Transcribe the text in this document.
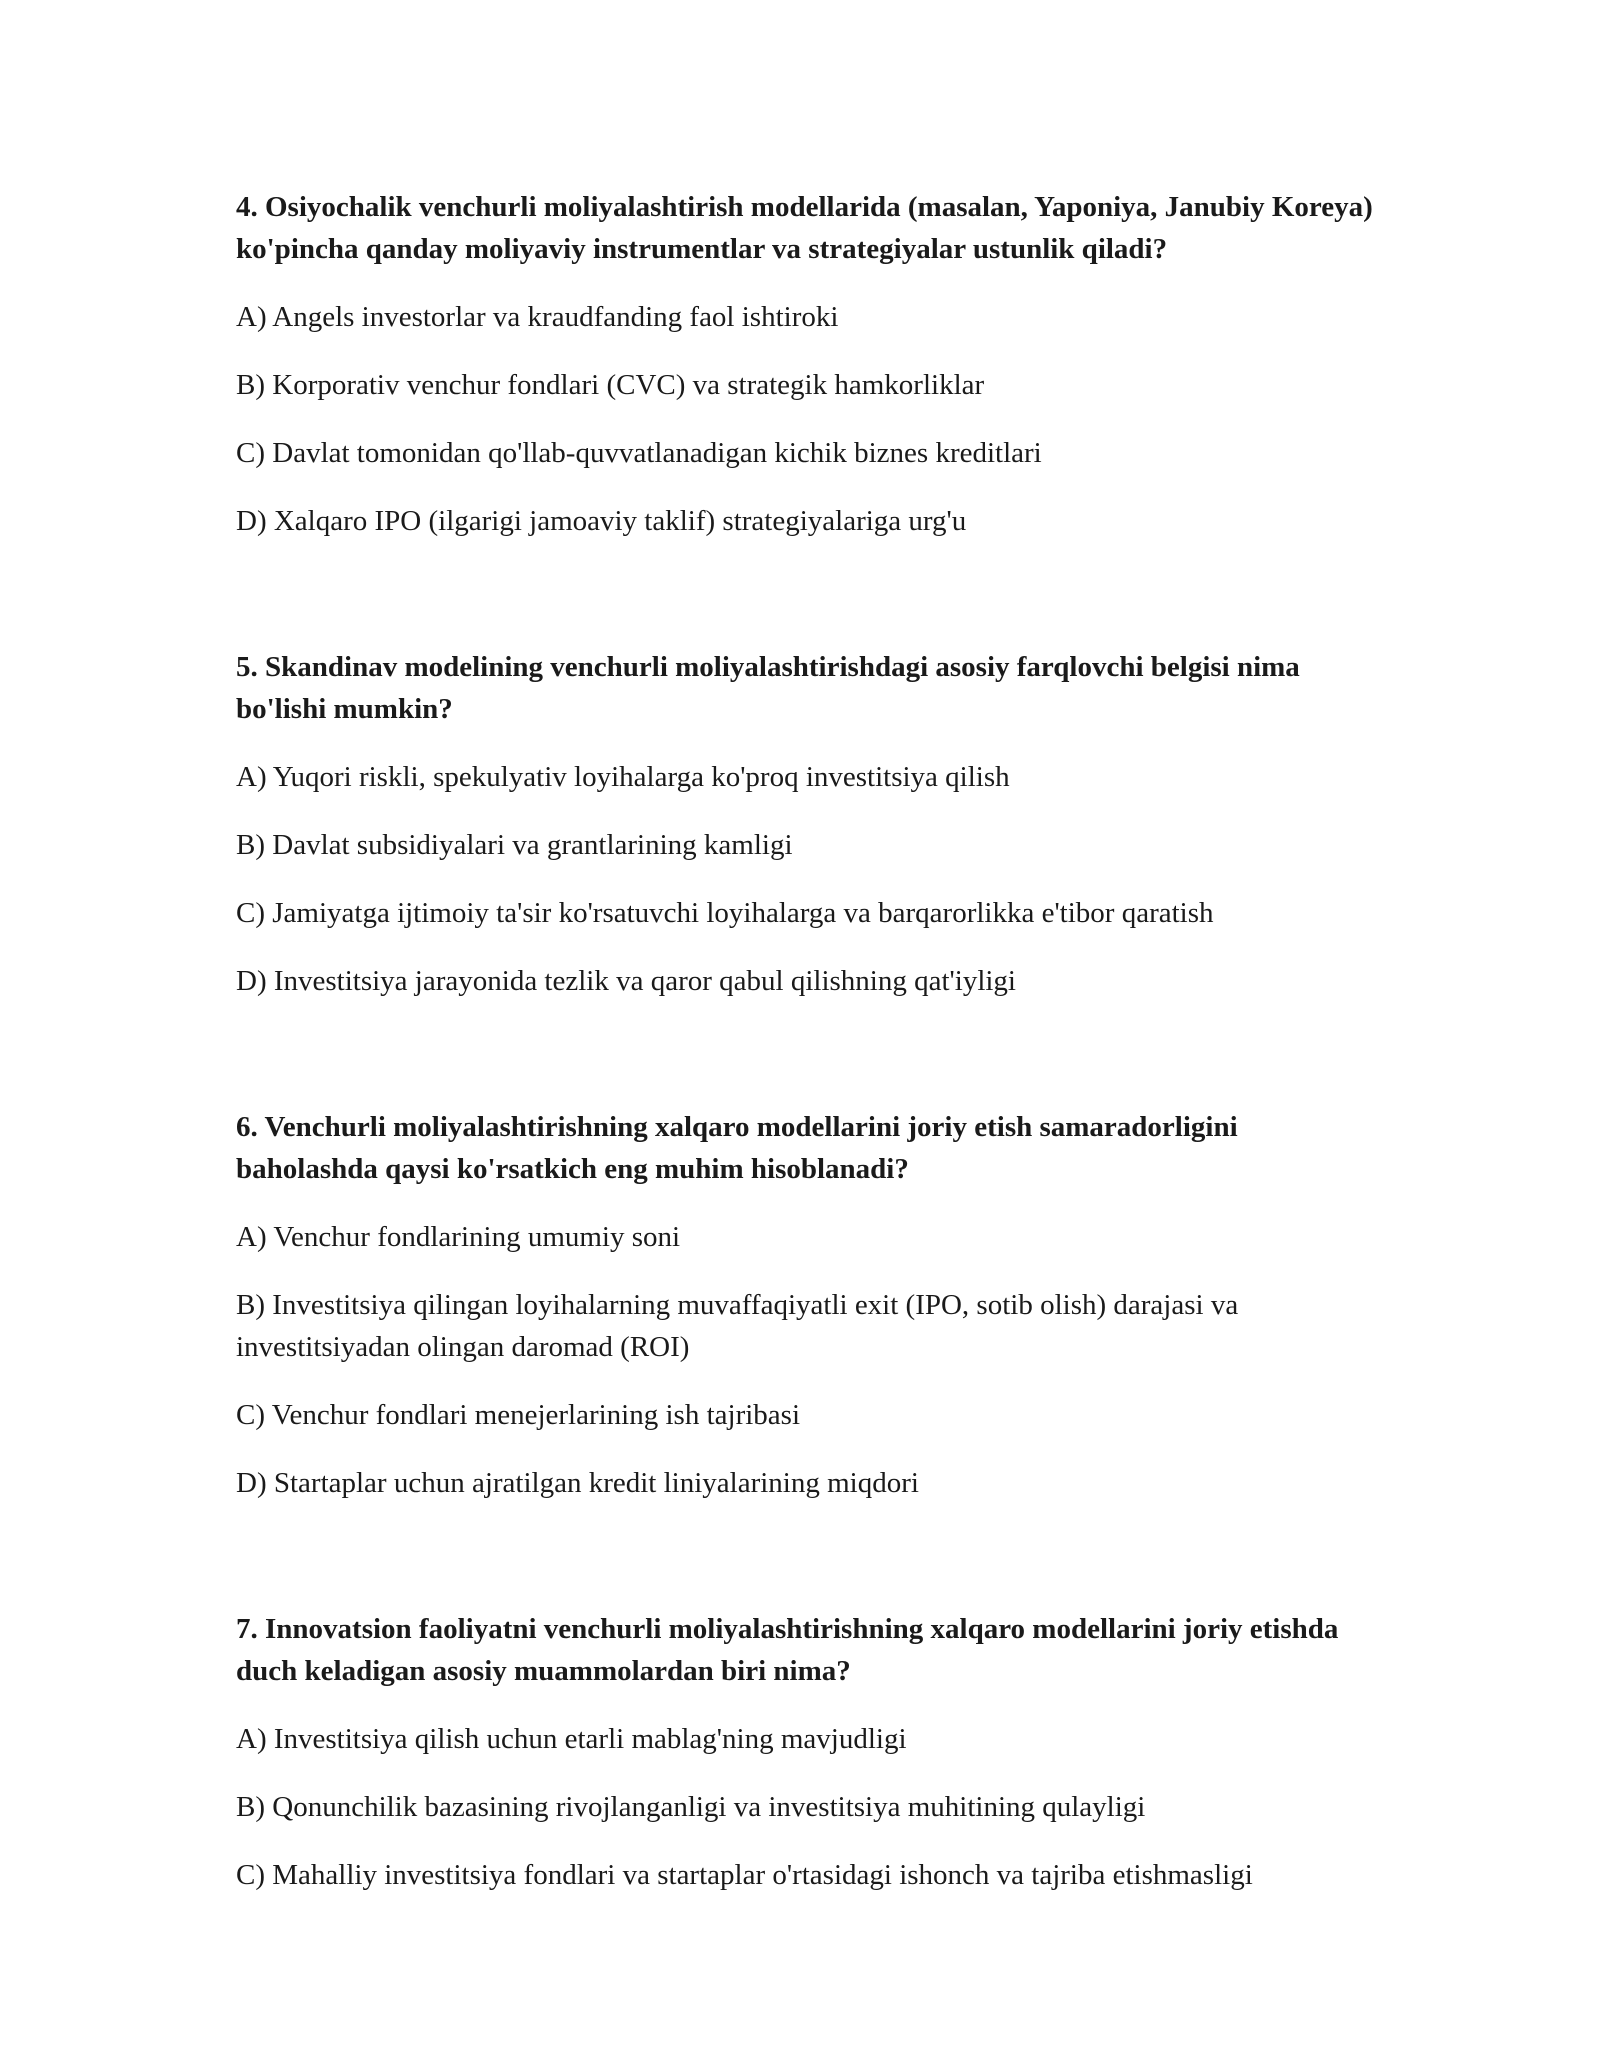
4. Osiyochalik venchurli moliyalashtirish modellarida (masalan, Yaponiya, Janubiy Koreya) ko'pincha qanday moliyaviy instrumentlar va strategiyalar ustunlik qiladi?

A) Angels investorlar va kraudfanding faol ishtiroki

B) Korporativ venchur fondlari (CVC) va strategik hamkorliklar

C) Davlat tomonidan qo'llab-quvvatlanadigan kichik biznes kreditlari

D) Xalqaro IPO (ilgarigi jamoaviy taklif) strategiyalariga urg'u

5. Skandinav modelining venchurli moliyalashtirishdagi asosiy farqlovchi belgisi nima bo'lishi mumkin?

A) Yuqori riskli, spekulyativ loyihalarga ko'proq investitsiya qilish

B) Davlat subsidiyalari va grantlarining kamligi

C) Jamiyatga ijtimoiy ta'sir ko'rsatuvchi loyihalarga va barqarorlikka e'tibor qaratish

D) Investitsiya jarayonida tezlik va qaror qabul qilishning qat'iyligi

6. Venchurli moliyalashtirishning xalqaro modellarini joriy etish samaradorligini baholashda qaysi ko'rsatkich eng muhim hisoblanadi?

A) Venchur fondlarining umumiy soni

B) Investitsiya qilingan loyihalarning muvaffaqiyatli exit (IPO, sotib olish) darajasi va investitsiyadan olingan daromad (ROI)

C) Venchur fondlari menejerlarining ish tajribasi

D) Startaplar uchun ajratilgan kredit liniyalarining miqdori

7. Innovatsion faoliyatni venchurli moliyalashtirishning xalqaro modellarini joriy etishda duch keladigan asosiy muammolardan biri nima?

A) Investitsiya qilish uchun etarli mablag'ning mavjudligi

B) Qonunchilik bazasining rivojlanganligi va investitsiya muhitining qulayligi

C) Mahalliy investitsiya fondlari va startaplar o'rtasidagi ishonch va tajriba etishmasligi
